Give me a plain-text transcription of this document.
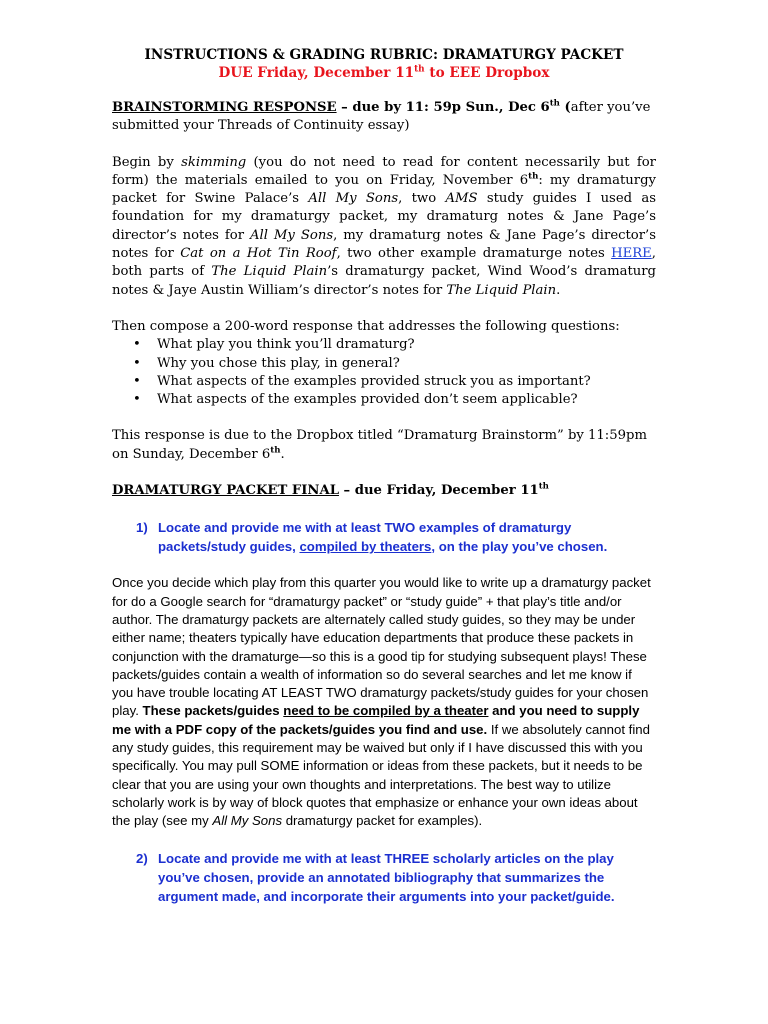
INSTRUCTIONS & GRADING RUBRIC: DRAMATURGY PACKET
DUE Friday, December 11th to EEE Dropbox

BRAINSTORMING RESPONSE – due by 11: 59p Sun., Dec 6th (after you’ve submitted your Threads of Continuity essay)

Begin by skimming (you do not need to read for content necessarily but for form) the materials emailed to you on Friday, November 6th: my dramaturgy packet for Swine Palace’s All My Sons, two AMS study guides I used as foundation for my dramaturgy packet, my dramaturg notes & Jane Page’s director’s notes for All My Sons, my dramaturg notes & Jane Page’s director’s notes for Cat on a Hot Tin Roof, two other example dramaturge notes HERE, both parts of The Liquid Plain’s dramaturgy packet, Wind Wood’s dramaturg notes & Jaye Austin William’s director’s notes for The Liquid Plain.

Then compose a 200-word response that addresses the following questions:

• What play you think you’ll dramaturg?
• Why you chose this play, in general?
• What aspects of the examples provided struck you as important?
• What aspects of the examples provided don’t seem applicable?

This response is due to the Dropbox titled “Dramaturg Brainstorm” by 11:59pm on Sunday, December 6th.

DRAMATURGY PACKET FINAL – due Friday, December 11th

1) Locate and provide me with at least TWO examples of dramaturgy packets/study guides, compiled by theaters, on the play you’ve chosen.

Once you decide which play from this quarter you would like to write up a dramaturgy packet for do a Google search for “dramaturgy packet” or “study guide” + that play’s title and/or author. The dramaturgy packets are alternately called study guides, so they may be under either name; theaters typically have education departments that produce these packets in conjunction with the dramaturge—so this is a good tip for studying subsequent plays! These packets/guides contain a wealth of information so do several searches and let me know if you have trouble locating AT LEAST TWO dramaturgy packets/study guides for your chosen play. These packets/guides need to be compiled by a theater and you need to supply me with a PDF copy of the packets/guides you find and use. If we absolutely cannot find any study guides, this requirement may be waived but only if I have discussed this with you specifically. You may pull SOME information or ideas from these packets, but it needs to be clear that you are using your own thoughts and interpretations. The best way to utilize scholarly work is by way of block quotes that emphasize or enhance your own ideas about the play (see my All My Sons dramaturgy packet for examples).

2) Locate and provide me with at least THREE scholarly articles on the play you’ve chosen, provide an annotated bibliography that summarizes the argument made, and incorporate their arguments into your packet/guide.
